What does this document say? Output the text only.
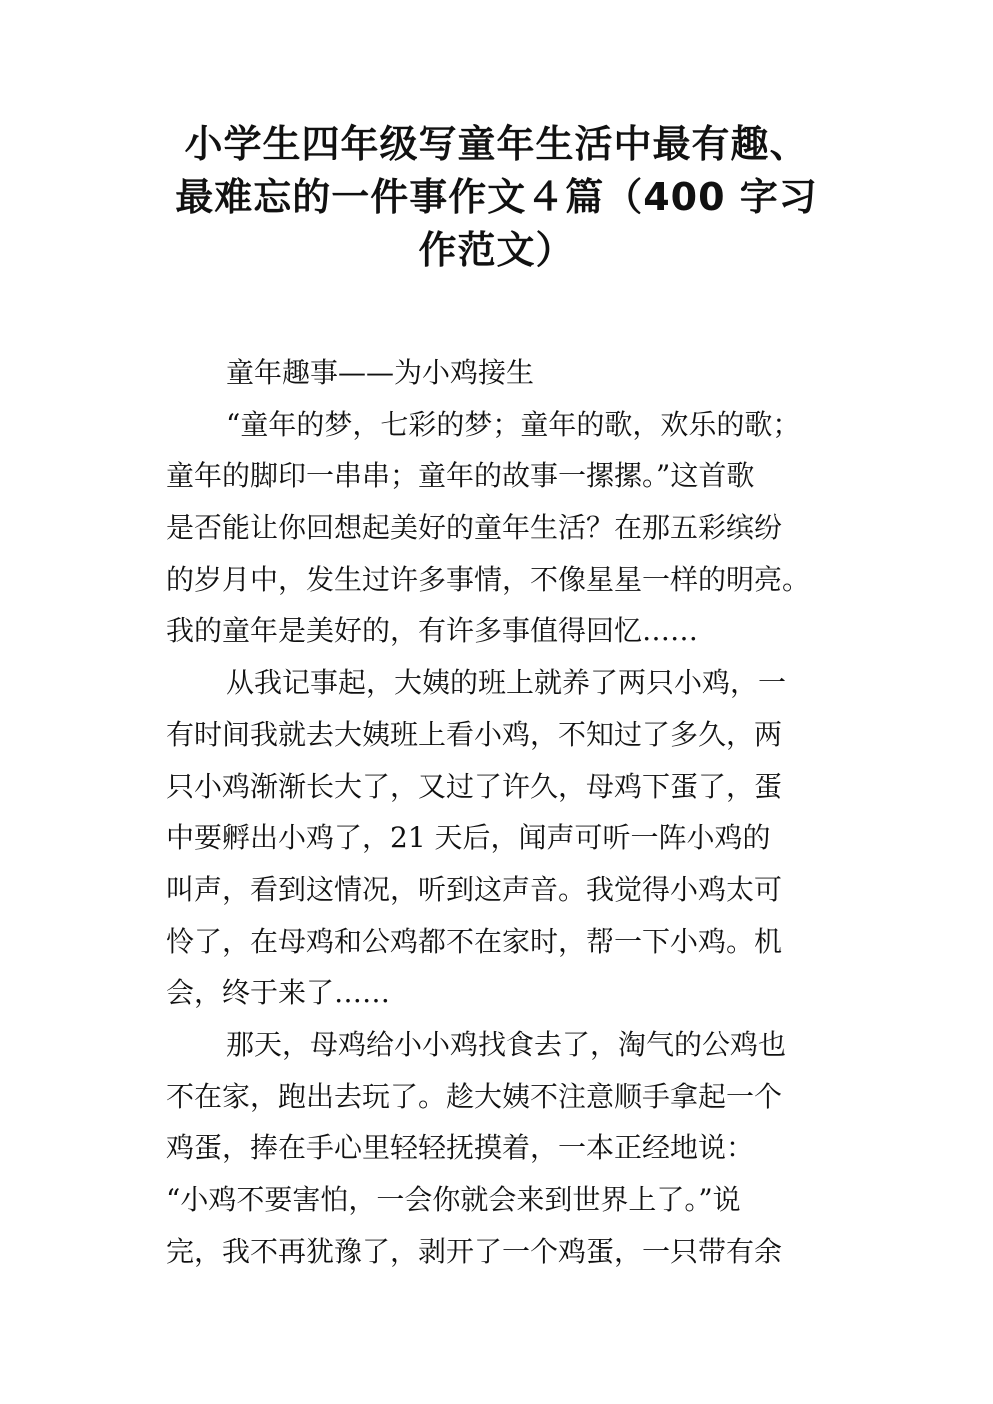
小学生四年级写童年生活中最有趣、
最难忘的一件事作文４篇（400 字习
作范文）
童年趣事——为小鸡接生
“童年的梦，七彩的梦；童年的歌，欢乐的歌；
童年的脚印一串串；童年的故事一摞摞。”这首歌
是否能让你回想起美好的童年生活？在那五彩缤纷
的岁月中，发生过许多事情，不像星星一样的明亮。
我的童年是美好的，有许多事值得回忆……
从我记事起，大姨的班上就养了两只小鸡，一
有时间我就去大姨班上看小鸡，不知过了多久，两
只小鸡渐渐长大了，又过了许久，母鸡下蛋了，蛋
中要孵出小鸡了，21 天后，闻声可听一阵小鸡的
叫声，看到这情况，听到这声音。我觉得小鸡太可
怜了，在母鸡和公鸡都不在家时，帮一下小鸡。机
会，终于来了……
那天，母鸡给小小鸡找食去了，淘气的公鸡也
不在家，跑出去玩了。趁大姨不注意顺手拿起一个
鸡蛋，捧在手心里轻轻抚摸着，一本正经地说：
“小鸡不要害怕，一会你就会来到世界上了。”说
完，我不再犹豫了，剥开了一个鸡蛋，一只带有余
